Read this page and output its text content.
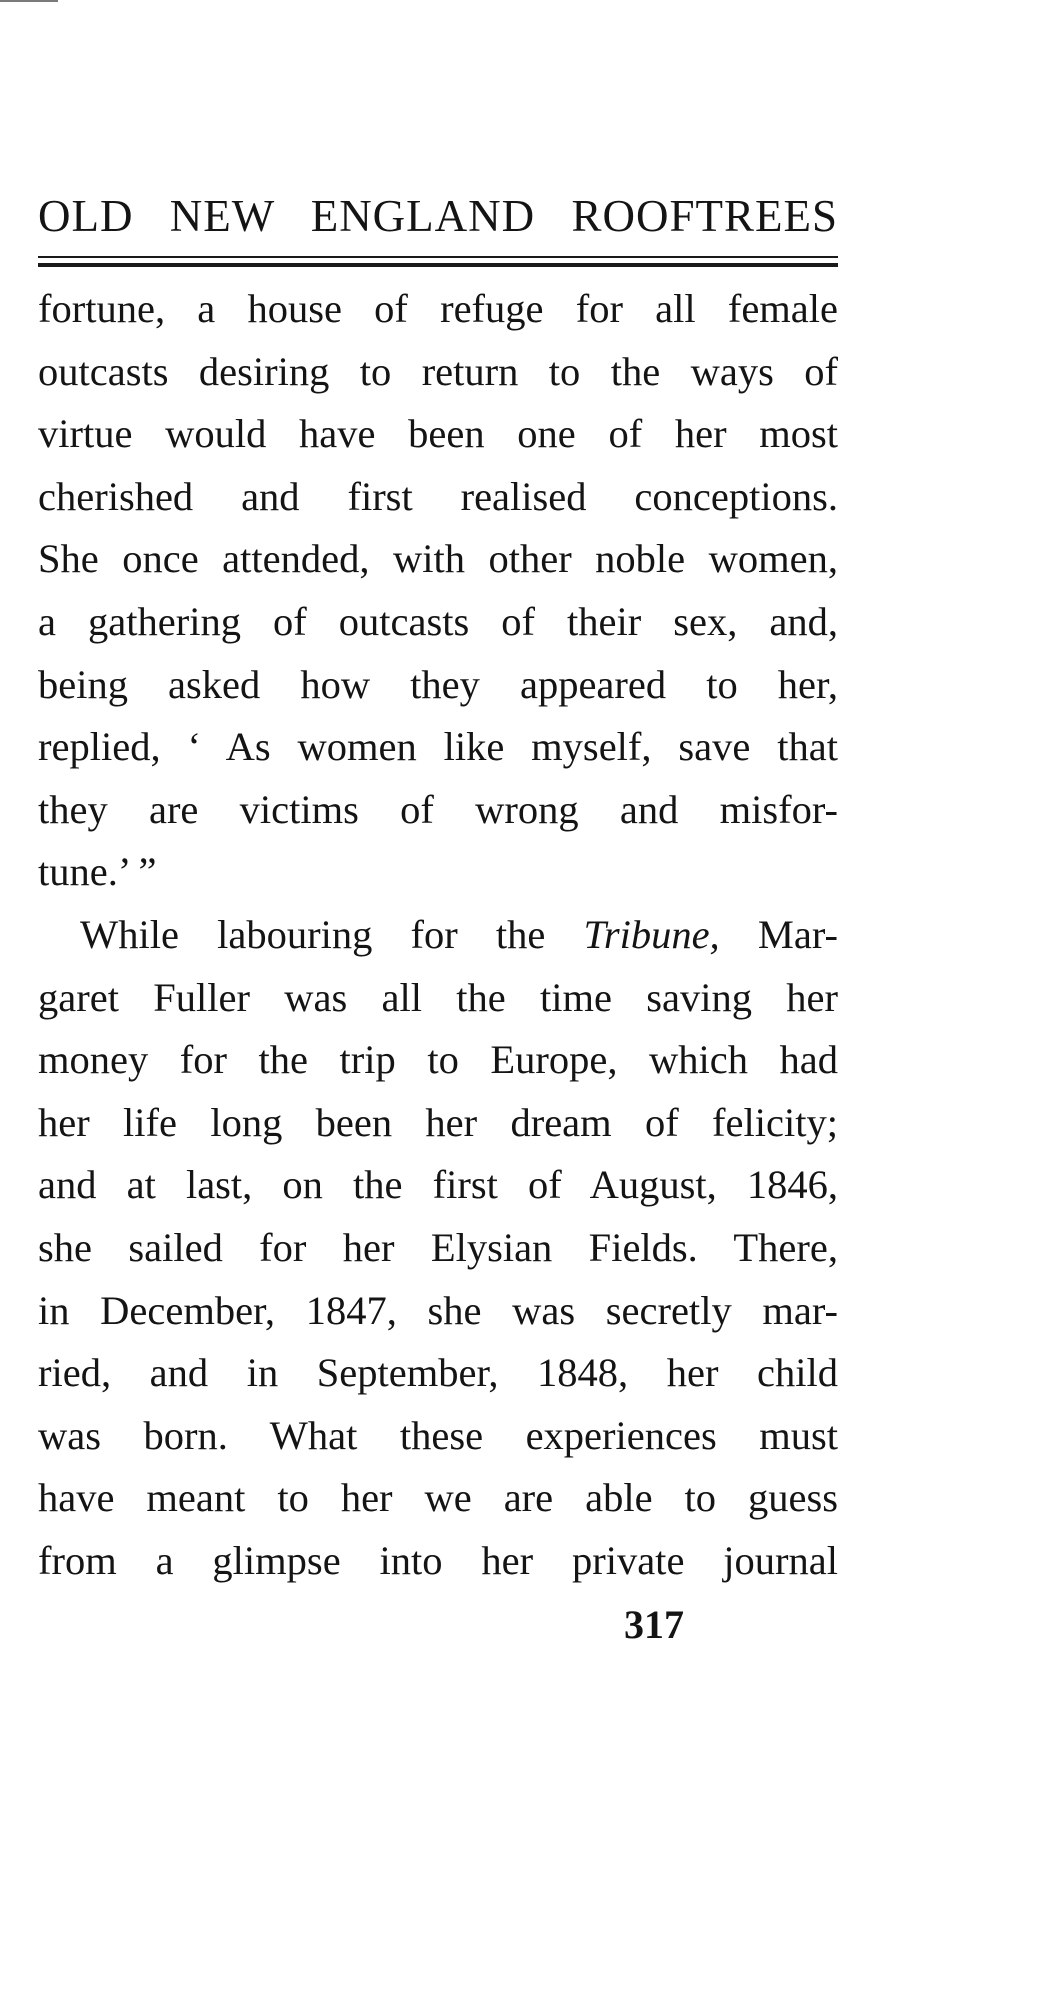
OLD NEW ENGLAND ROOFTREES
fortune, a house of refuge for all female
outcasts desiring to return to the ways of
virtue would have been one of her most
cherished and first realised conceptions.
She once attended, with other noble women,
a gathering of outcasts of their sex, and,
being asked how they appeared to her,
replied, ‘ As women like myself, save that
they are victims of wrong and misfor-
tune.’ ”
While labouring for the Tribune, Mar-
garet Fuller was all the time saving her
money for the trip to Europe, which had
her life long been her dream of felicity;
and at last, on the first of August, 1846,
she sailed for her Elysian Fields. There,
in December, 1847, she was secretly mar-
ried, and in September, 1848, her child
was born. What these experiences must
have meant to her we are able to guess
from a glimpse into her private journal
317
